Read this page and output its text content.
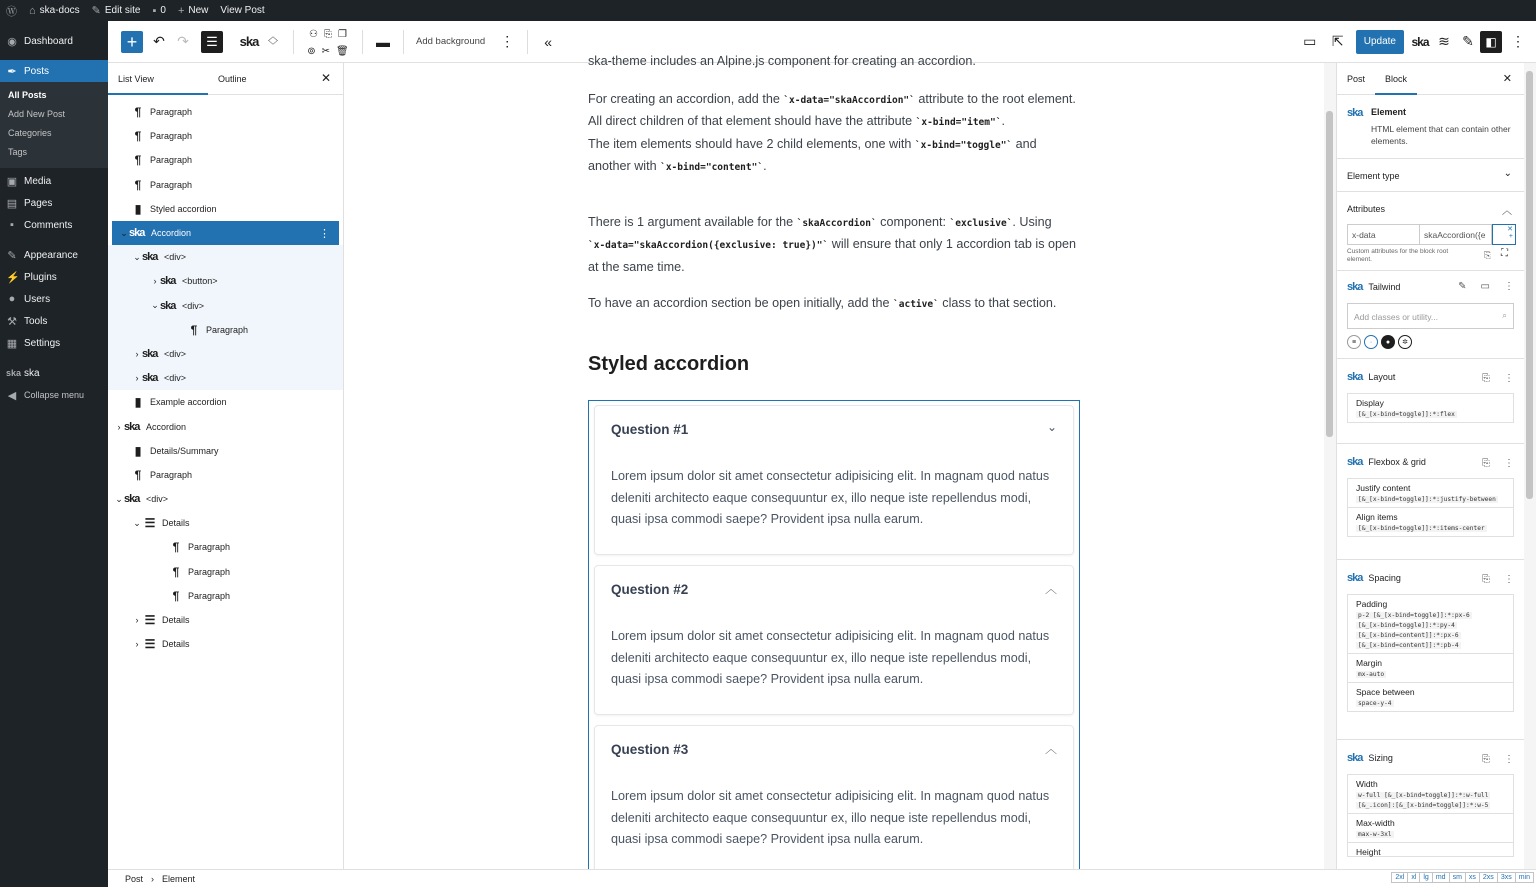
Ⓦ ⌂ ska-docs ✎ Edit site ▪ 0 + New View Post
◉ Dashboard
✒ Posts
All Posts
Add New Post
Categories
Tags
▣ Media
▤ Pages
▪	Comments
✎ Appearance
⚡ Plugins
● Users
⚒ Tools
▦ Settings
ska ska
◀ Collapse menu
+	↶ ↷ ☰ ska ︿
﹀
⚇ ⎘ ❐
⊚ ✂ 🗑
▬	Add background ⋮ «	▭ ⇱ Update ska ≋ ✎ ◧ ⋮
List View	Outline	✕
¶ Paragraph
¶ Paragraph
¶ Paragraph
¶ Paragraph
▮ Styled accordion
⌄ ska Accordion	⋮
⌄ ska <div>
› ska <button>
⌄ ska <div>
¶ Paragraph
› ska <div>
› ska <div>
▮ Example accordion
› ska Accordion
▮ Details/Summary
¶ Paragraph
⌄ ska <div>
⌄ ☰ Details
¶ Paragraph
¶ Paragraph
¶ Paragraph
› ☰ Details
› ☰ Details
ska-theme includes an Alpine.js component for creating an accordion.
For creating an accordion, add the `x-data="skaAccordion"` attribute to the root element.
All direct children of that element should have the attribute `x-bind="item"`.
The item elements should have 2 child elements, one with `x-bind="toggle"` and another with `x-bind="content"`.
There is 1 argument available for the `skaAccordion` component: `exclusive`. Using
`x-data="skaAccordion({exclusive: true})"` will ensure that only 1 accordion tab is open at the same time.
To have an accordion section be open initially, add the `active` class to that section.
Styled accordion
Question #1	⌄
Lorem ipsum dolor sit amet consectetur adipisicing elit. In magnam quod natus deleniti architecto eaque consequuntur ex, illo neque iste repellendus modi, quasi ipsa commodi saepe? Provident ipsa nulla earum.
Question #2	︿
Lorem ipsum dolor sit amet consectetur adipisicing elit. In magnam quod natus deleniti architecto eaque consequuntur ex, illo neque iste repellendus modi, quasi ipsa commodi saepe? Provident ipsa nulla earum.
Question #3	︿
Lorem ipsum dolor sit amet consectetur adipisicing elit. In magnam quod natus deleniti architecto eaque consequuntur ex, illo neque iste repellendus modi, quasi ipsa commodi saepe? Provident ipsa nulla earum.
Post	Block	✕
ska Element
HTML element that can contain other elements.
Element type	⌄
Attributes	︿
x-data	skaAccordion({e
✕
+
Custom attributes for the block root element.	⎘ ⛶
ska Tailwind	✎ ▭ ⋮
Add classes or utility...	⌕
≡	·	●	✲
ska Layout	⎘ ⋮
Display
[&_[x-bind=toggle]]:*:flex
ska Flexbox & grid	⎘ ⋮
Justify content
[&_[x-bind=toggle]]:*:justify-between
Align items
[&_[x-bind=toggle]]:*:items-center
ska Spacing	⎘ ⋮
Padding
p-2 [&_[x-bind=toggle]]:*:px-6
[&_[x-bind=toggle]]:*:py-4
[&_[x-bind=content]]:*:px-6
[&_[x-bind=content]]:*:pb-4
Margin
mx-auto
Space between
space-y-4
ska Sizing	⎘ ⋮
Width
w-full [&_[x-bind=toggle]]:*:w-full
[&_.icon]:[&_[x-bind=toggle]]:*:w-5
Max-width
max-w-3xl
Height
Post › Element	2xl	xl	lg	md	sm	xs	2xs	3xs	min
